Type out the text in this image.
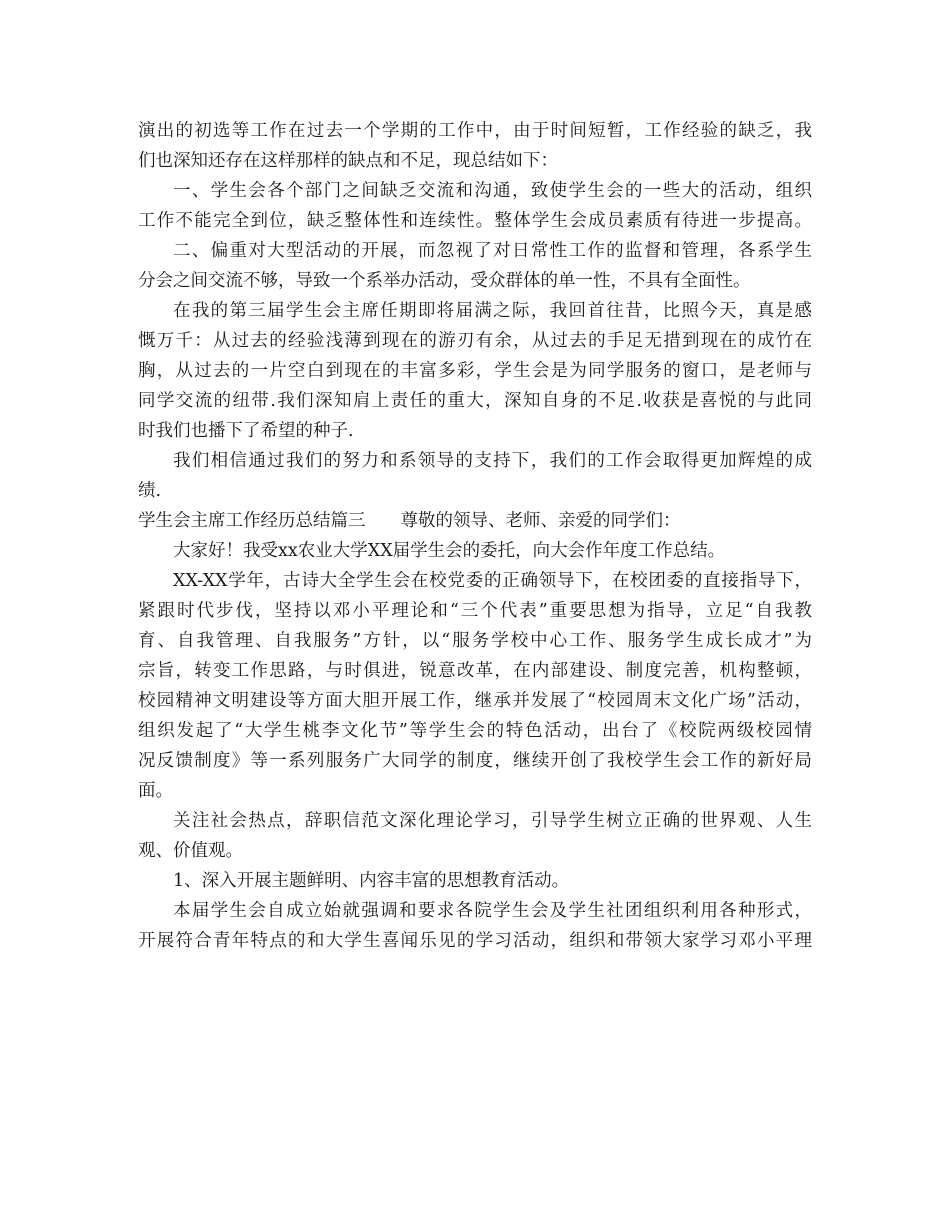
演出的初选等工作在过去一个学期的工作中，由于时间短暂，工作经验的缺乏，我
们也深知还存在这样那样的缺点和不足，现总结如下：
一、学生会各个部门之间缺乏交流和沟通，致使学生会的一些大的活动，组织
工作不能完全到位，缺乏整体性和连续性。整体学生会成员素质有待进一步提高。
二、偏重对大型活动的开展，而忽视了对日常性工作的监督和管理，各系学生
分会之间交流不够，导致一个系举办活动，受众群体的单一性，不具有全面性。
在我的第三届学生会主席任期即将届满之际，我回首往昔，比照今天，真是感
慨万千：从过去的经验浅薄到现在的游刃有余，从过去的手足无措到现在的成竹在
胸，从过去的一片空白到现在的丰富多彩，学生会是为同学服务的窗口，是老师与
同学交流的纽带.我们深知肩上责任的重大，深知自身的不足.收获是喜悦的与此同
时我们也播下了希望的种子.
我们相信通过我们的努力和系领导的支持下，我们的工作会取得更加辉煌的成
绩.
学生会主席工作经历总结篇三　　尊敬的领导、老师、亲爱的同学们：
大家好！我受xx农业大学XX届学生会的委托，向大会作年度工作总结。
XX-XX学年，古诗大全学生会在校党委的正确领导下，在校团委的直接指导下，
紧跟时代步伐，坚持以邓小平理论和“三个代表”重要思想为指导，立足“自我教
育、自我管理、自我服务”方针，以“服务学校中心工作、服务学生成长成才”为
宗旨，转变工作思路，与时俱进，锐意改革，在内部建设、制度完善，机构整顿，
校园精神文明建设等方面大胆开展工作，继承并发展了“校园周末文化广场”活动，
组织发起了“大学生桃李文化节”等学生会的特色活动，出台了《校院两级校园情
况反馈制度》等一系列服务广大同学的制度，继续开创了我校学生会工作的新好局
面。
关注社会热点，辞职信范文深化理论学习，引导学生树立正确的世界观、人生
观、价值观。
1、深入开展主题鲜明、内容丰富的思想教育活动。
本届学生会自成立始就强调和要求各院学生会及学生社团组织利用各种形式，
开展符合青年特点的和大学生喜闻乐见的学习活动，组织和带领大家学习邓小平理
